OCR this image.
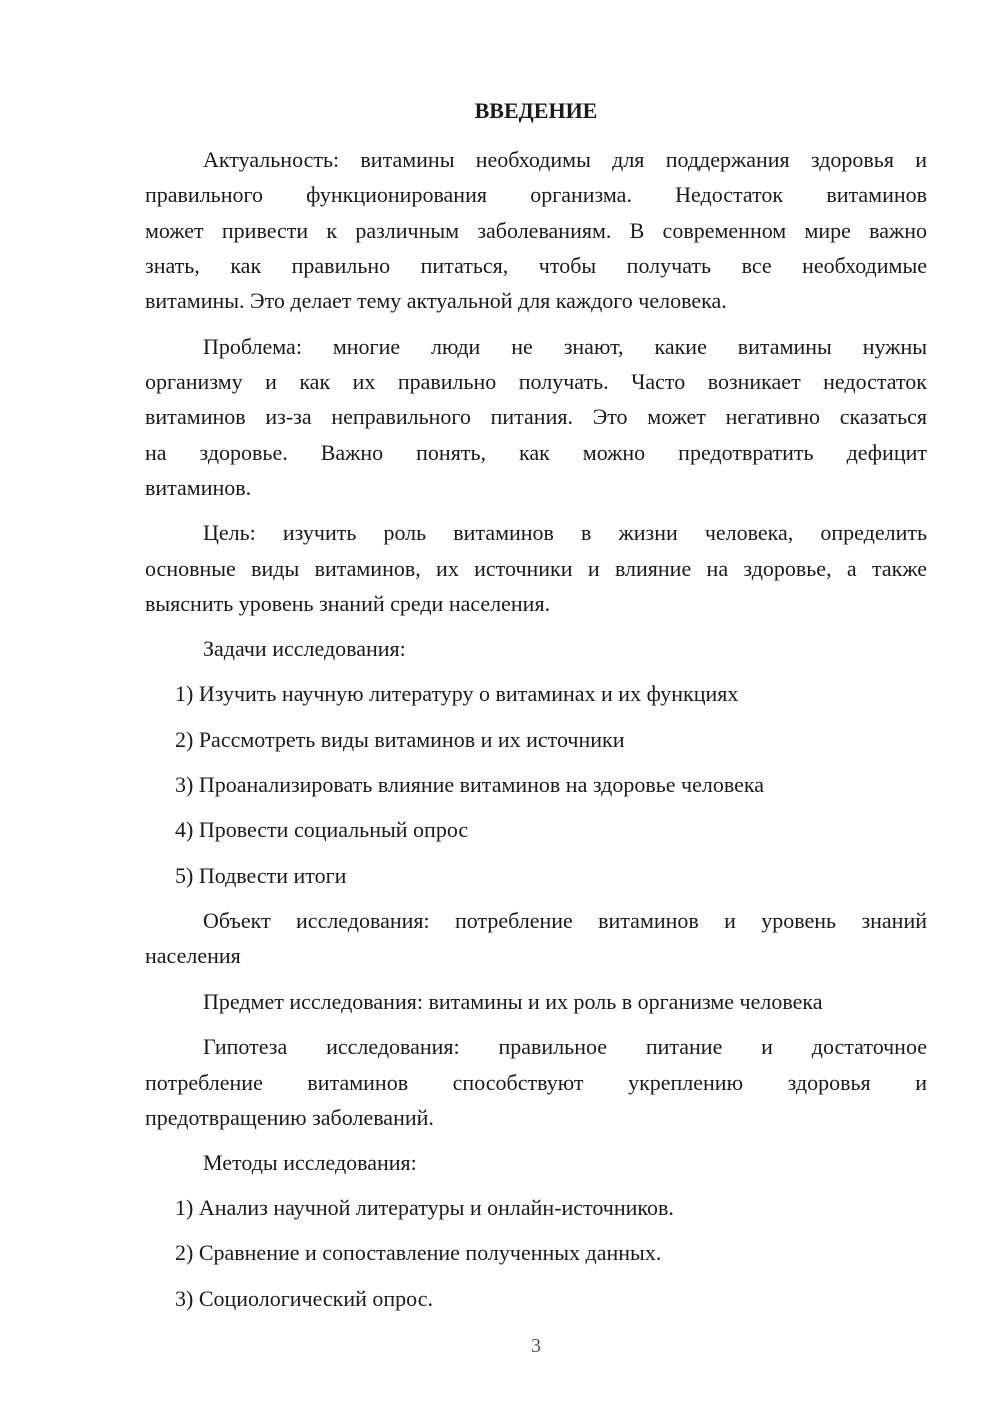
ВВЕДЕНИЕ
Актуальность: витамины необходимы для поддержания здоровья и
правильного функционирования организма. Недостаток витаминов
может привести к различным заболеваниям. В современном мире важно
знать, как правильно питаться, чтобы получать все необходимые
витамины. Это делает тему актуальной для каждого человека.
Проблема: многие люди не знают, какие витамины нужны
организму и как их правильно получать. Часто возникает недостаток
витаминов из-за неправильного питания. Это может негативно сказаться
на здоровье. Важно понять, как можно предотвратить дефицит
витаминов.
Цель: изучить роль витаминов в жизни человека, определить
основные виды витаминов, их источники и влияние на здоровье, а также
выяснить уровень знаний среди населения.
Задачи исследования:
1) Изучить научную литературу о витаминах и их функциях
2) Рассмотреть виды витаминов и их источники
3) Проанализировать влияние витаминов на здоровье человека
4) Провести социальный опрос
5) Подвести итоги
Объект исследования: потребление витаминов и уровень знаний
населения
Предмет исследования: витамины и их роль в организме человека
Гипотеза исследования: правильное питание и достаточное
потребление витаминов способствуют укреплению здоровья и
предотвращению заболеваний.
Методы исследования:
1) Анализ научной литературы и онлайн-источников.
2) Сравнение и сопоставление полученных данных.
3) Социологический опрос.
3
